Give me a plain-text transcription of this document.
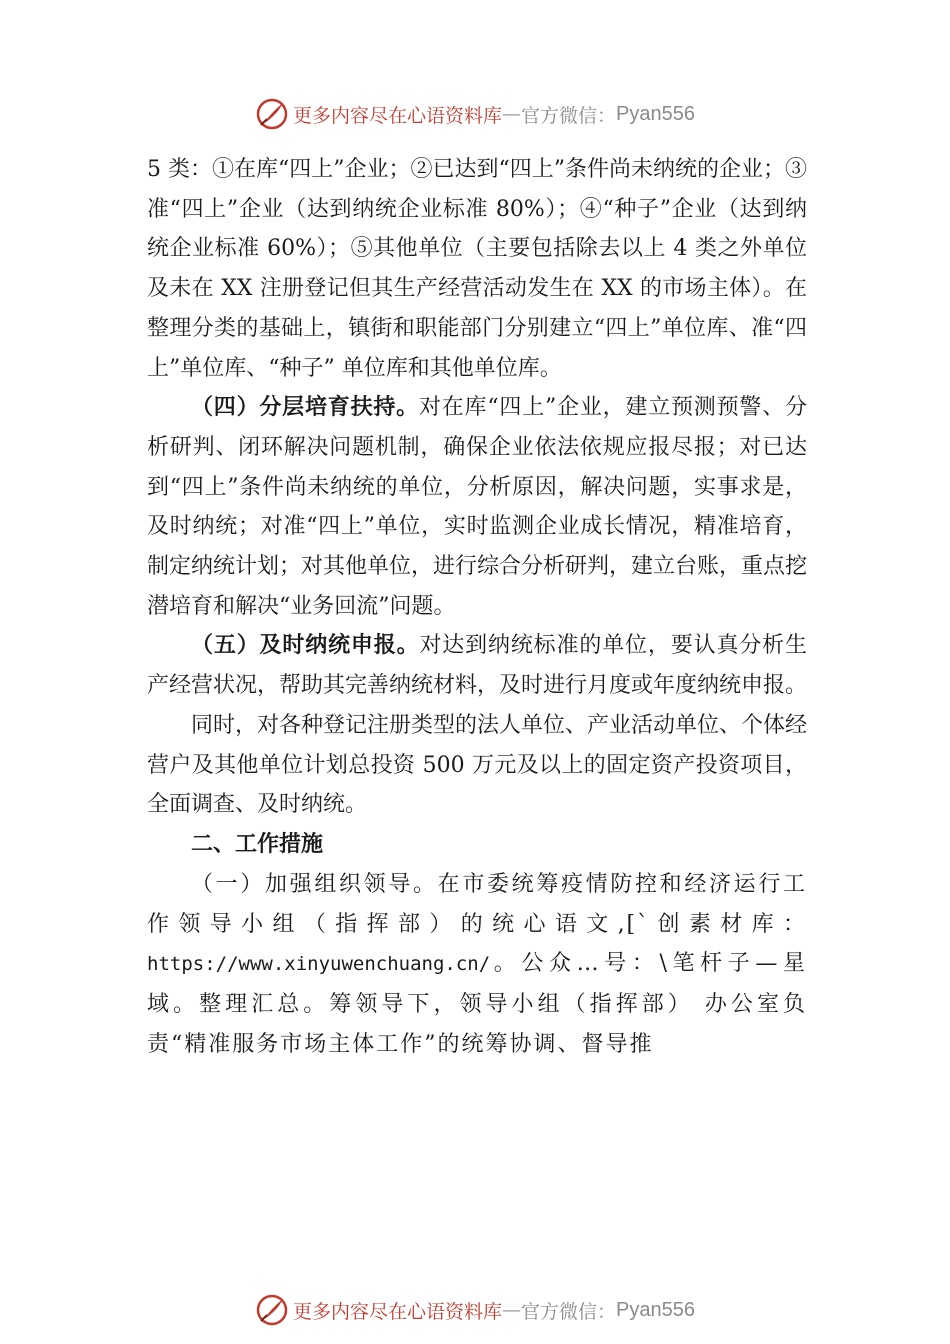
更多内容尽在心语资料库 — 官方微信： Pyan556

5 类：①在库“四上”企业；②已达到“四上”条件尚未纳统的企业；③准“四上”企业（达到纳统企业标准 80%）；④“种子”企业（达到纳统企业标准 60%）；⑤其他单位（主要包括除去以上 4 类之外单位及未在 XX 注册登记但其生产经营活动发生在 XX 的市场主体）。在整理分类的基础上，镇街和职能部门分别建立“四上”单位库、准“四上”单位库、“种子” 单位库和其他单位库。

（四）分层培育扶持。对在库“四上”企业，建立预测预警、分析研判、闭环解决问题机制，确保企业依法依规应报尽报；对已达到“四上”条件尚未纳统的单位，分析原因，解决问题，实事求是，及时纳统；对准“四上”单位，实时监测企业成长情况，精准培育，制定纳统计划；对其他单位，进行综合分析研判，建立台账，重点挖潜培育和解决“业务回流”问题。

（五）及时纳统申报。对达到纳统标准的单位，要认真分析生产经营状况，帮助其完善纳统材料，及时进行月度或年度纳统申报。

同时，对各种登记注册类型的法人单位、产业活动单位、个体经营户及其他单位计划总投资 500 万元及以上的固定资产投资项目，全面调查、及时纳统。

二、工作措施

（一）加强组织领导。在市委统筹疫情防控和经济运行工作领导小组（指挥部）的统心语文,[`创素材库：https://www.xinyuwenchuang.cn/。公众…号：\笔杆子—星域。整理汇总。筹领导下，领导小组（指挥部） 办公室负责“精准服务市场主体工作”的统筹协调、督导推

更多内容尽在心语资料库 — 官方微信： Pyan556
